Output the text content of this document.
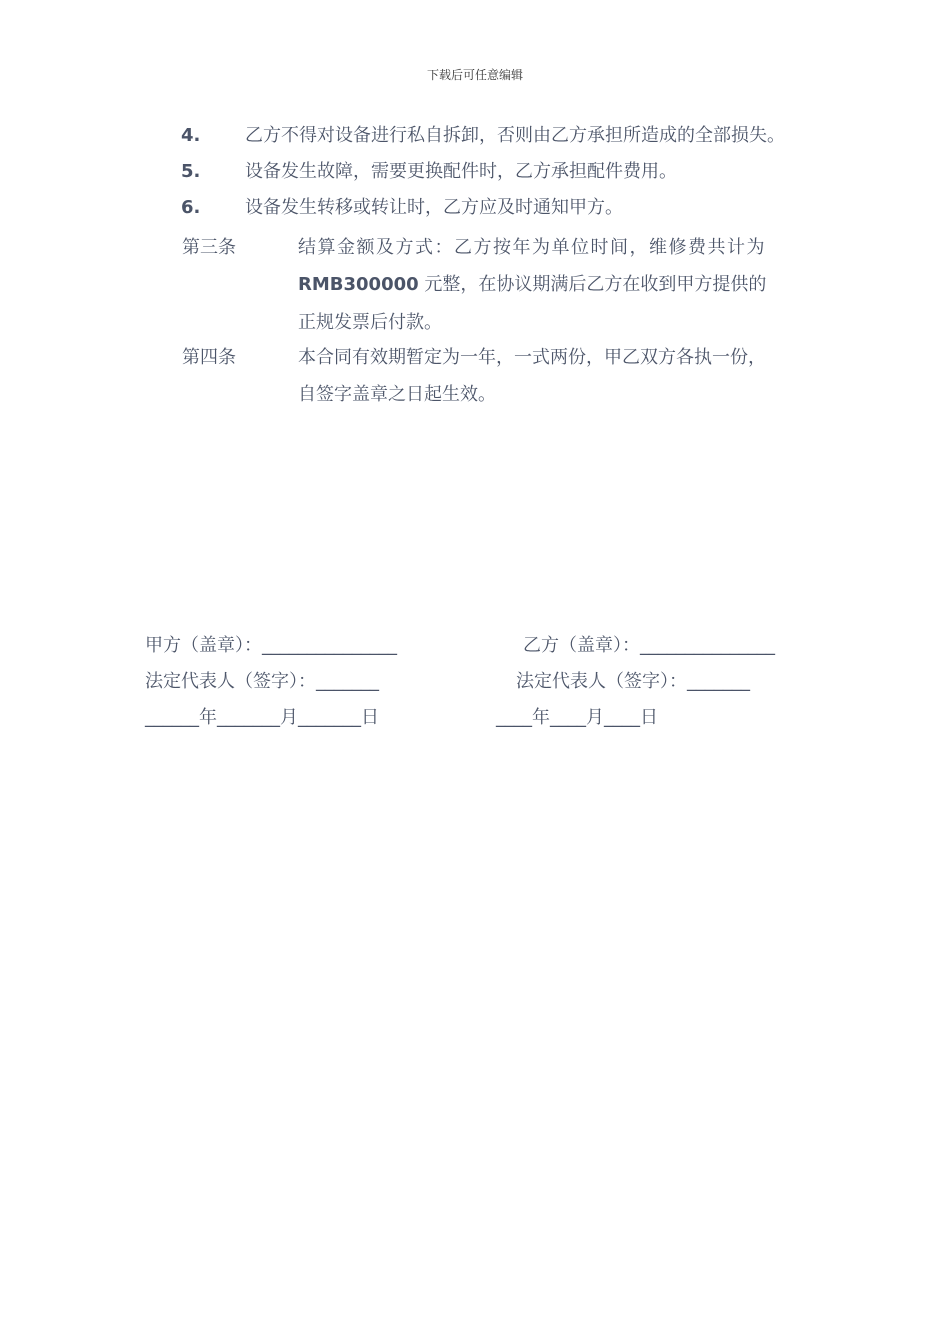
下载后可任意编辑
4. 乙方不得对设备进行私自拆卸，否则由乙方承担所造成的全部损失。
5. 设备发生故障，需要更换配件时，乙方承担配件费用。
6. 设备发生转移或转让时，乙方应及时通知甲方。
第三条	结算金额及方式：乙方按年为单位时间，维修费共计为
RMB300000 元整，在协议期满后乙方在收到甲方提供的
正规发票后付款。
第四条	本合同有效期暂定为一年，一式两份，甲乙双方各执一份，
自签字盖章之日起生效。
甲方（盖章）：_______________	乙方（盖章）：_______________
法定代表人（签字）：_______	法定代表人（签字）：_______
______年_______月_______日	____年____月____日
